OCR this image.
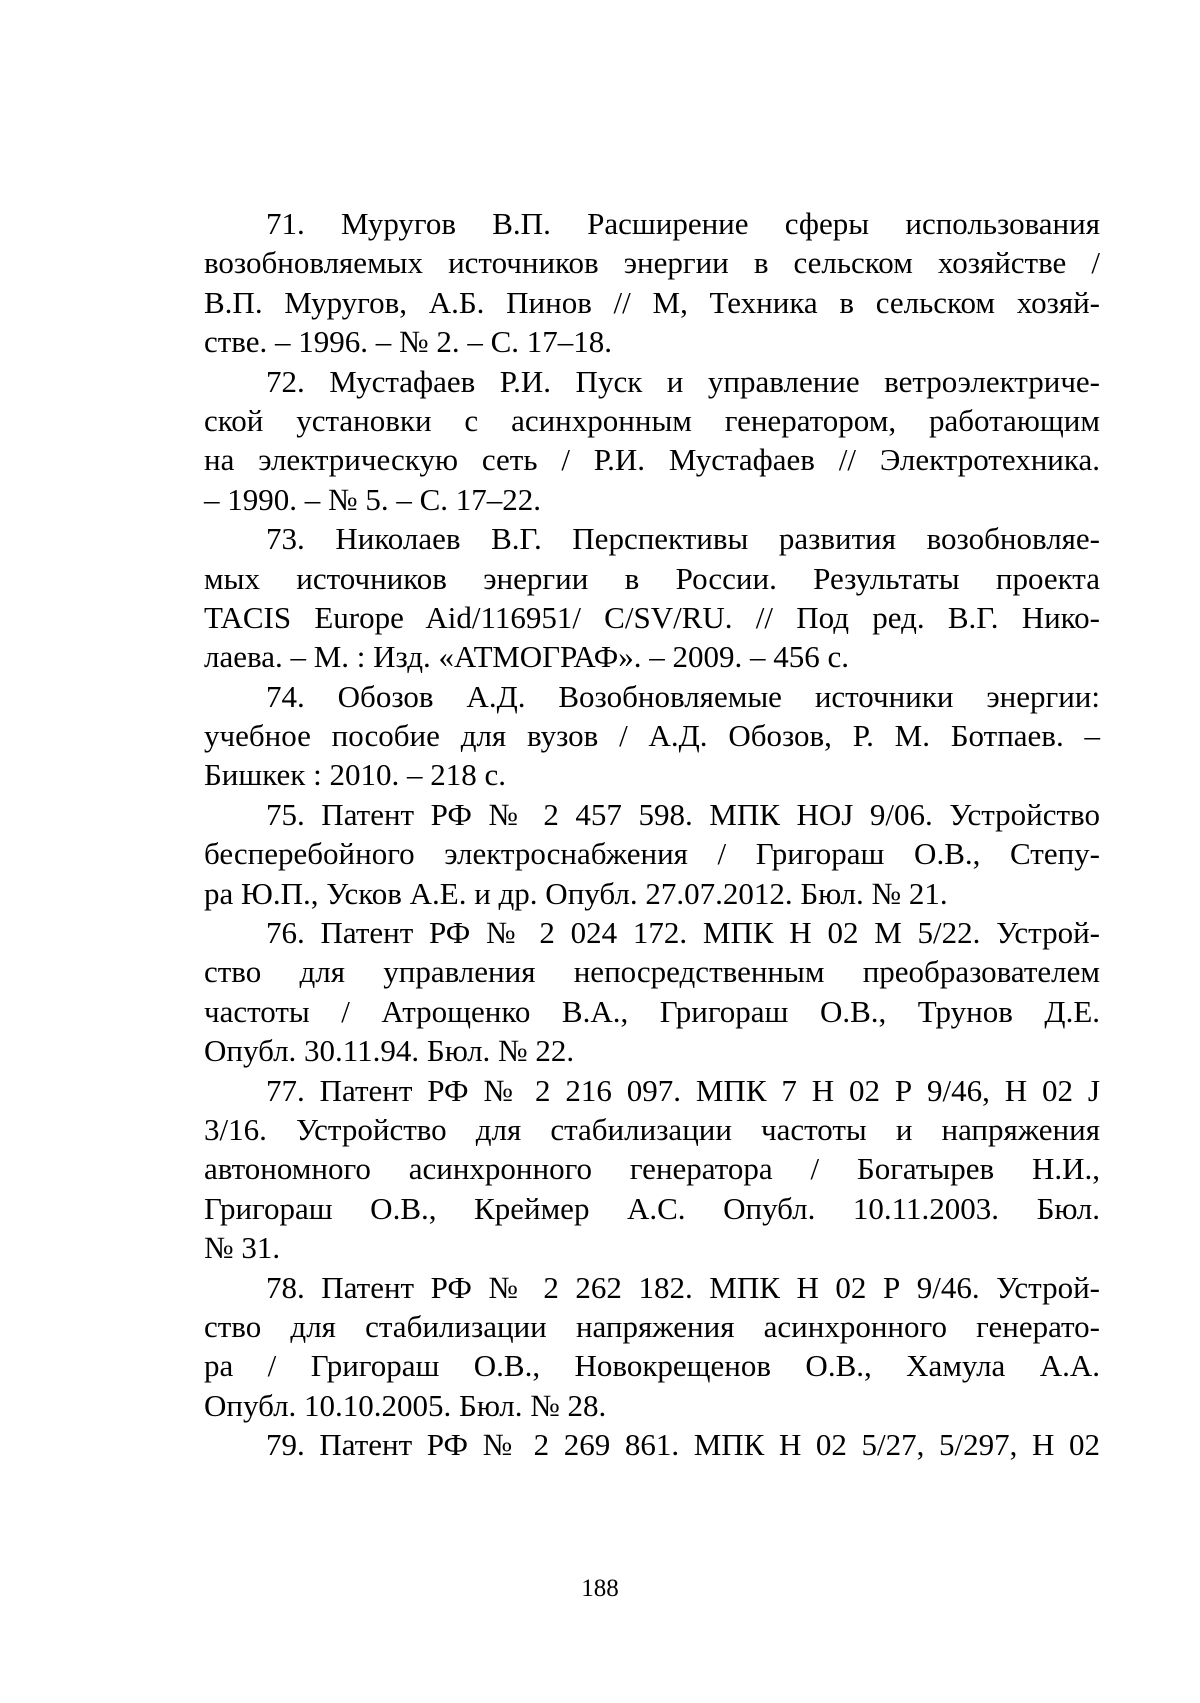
71. Муругов В.П. Расширение сферы использования
возобновляемых источников энергии в сельском хозяйстве /
В.П. Муругов, А.Б. Пинов // М, Техника в сельском хозяй-
стве. – 1996. – № 2. – С. 17–18.
72. Мустафаев Р.И. Пуск и управление ветроэлектриче-
ской установки с асинхронным генератором, работающим
на электрическую сеть / Р.И. Мустафаев // Электротехника.
– 1990. – № 5. – С. 17–22.
73. Николаев В.Г. Перспективы развития возобновляе-
мых источников энергии в России. Результаты проекта
TACIS Europe Aid/116951/ C/SV/RU. // Под ред. В.Г. Нико-
лаева. – М. : Изд. «АТМОГРАФ». – 2009. – 456 с.
74. Обозов А.Д. Возобновляемые источники энергии:
учебное пособие для вузов / А.Д. Обозов, Р. М. Ботпаев. –
Бишкек : 2010. – 218 с.
75. Патент РФ № 2 457 598. МПК HOJ 9/06. Устройство
бесперебойного электроснабжения / Григораш О.В., Степу-
ра Ю.П., Усков А.Е. и др. Опубл. 27.07.2012. Бюл. № 21.
76. Патент РФ № 2 024 172. МПК Н 02 М 5/22. Устрой-
ство для управления непосредственным преобразователем
частоты / Атрощенко В.А., Григораш О.В., Трунов Д.Е.
Опубл. 30.11.94. Бюл. № 22.
77. Патент РФ № 2 216 097. МПК 7 Н 02 Р 9/46, Н 02 J
3/16. Устройство для стабилизации частоты и напряжения
автономного асинхронного генератора / Богатырев Н.И.,
Григораш О.В., Креймер А.С. Опубл. 10.11.2003. Бюл.
№ 31.
78. Патент РФ № 2 262 182. МПК Н 02 Р 9/46. Устрой-
ство для стабилизации напряжения асинхронного генерато-
ра / Григораш О.В., Новокрещенов О.В., Хамула А.А.
Опубл. 10.10.2005. Бюл. № 28.
79. Патент РФ № 2 269 861. МПК Н 02 5/27, 5/297, Н 02
188
